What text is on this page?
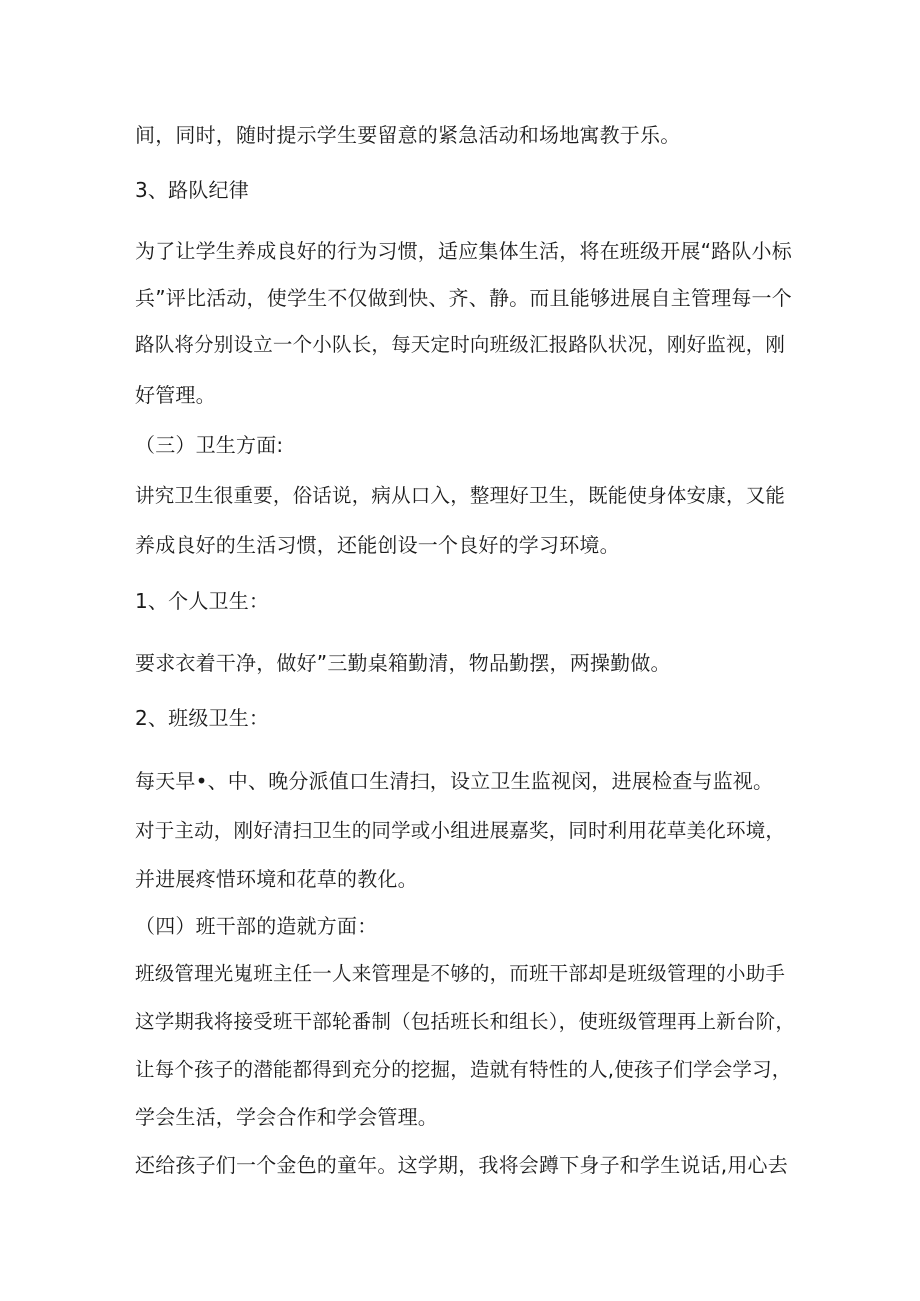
间，同时，随时提示学生要留意的紧急活动和场地寓教于乐。
3、路队纪律
为了让学生养成良好的行为习惯，适应集体生活，将在班级开展“路队小标
兵”评比活动，使学生不仅做到快、齐、静。而且能够进展自主管理每一个
路队将分别设立一个小队长，每天定时向班级汇报路队状况，刚好监视，刚
好管理。
（三）卫生方面:
讲究卫生很重要，俗话说，病从口入，整理好卫生，既能使身体安康，又能
养成良好的生活习惯，还能创设一个良好的学习环境。
1、个人卫生：
要求衣着干净，做好”三勤桌箱勤清，物品勤摆，两操勤做。
2、班级卫生：
每天早•、中、晚分派值口生清扫，设立卫生监视闵，进展检查与监视。
对于主动，刚好清扫卫生的同学或小组进展嘉奖，同时利用花草美化环境，
并进展疼惜环境和花草的教化。
（四）班干部的造就方面：
班级管理光嵬班主任一人来管理是不够的，而班干部却是班级管理的小助手
这学期我将接受班干部轮番制（包括班长和组长），使班级管理再上新台阶，
让每个孩子的潜能都得到充分的挖掘，造就有特性的人,使孩子们学会学习，
学会生活，学会合作和学会管理。
还给孩子们一个金色的童年。这学期，我将会蹲下身子和学生说话,用心去
